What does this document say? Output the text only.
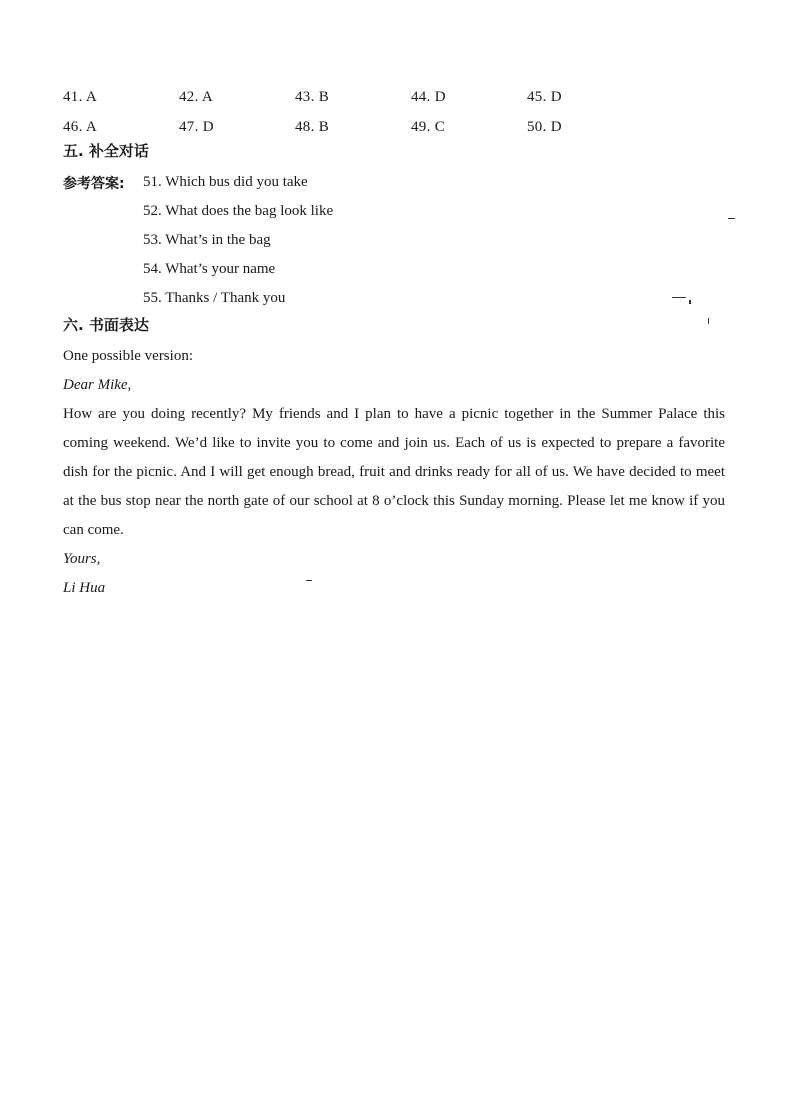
41. A	42. A	43. B	44. D	45. D
46. A	47. D	48. B	49. C	50. D
五. 补全对话
参考答案:	51. Which bus did you take
52. What does the bag look like
53. What’s in the bag
54. What’s your name
55. Thanks / Thank you
六. 书面表达
One possible version:
Dear Mike,
How are you doing recently? My friends and I plan to have a picnic together in the Summer Palace this coming weekend. We’d like to invite you to come and join us. Each of us is expected to prepare a favorite dish for the picnic. And I will get enough bread, fruit and drinks ready for all of us. We have decided to meet at the bus stop near the north gate of our school at 8 o’clock this Sunday morning. Please let me know if you can come.
Yours,
Li Hua
